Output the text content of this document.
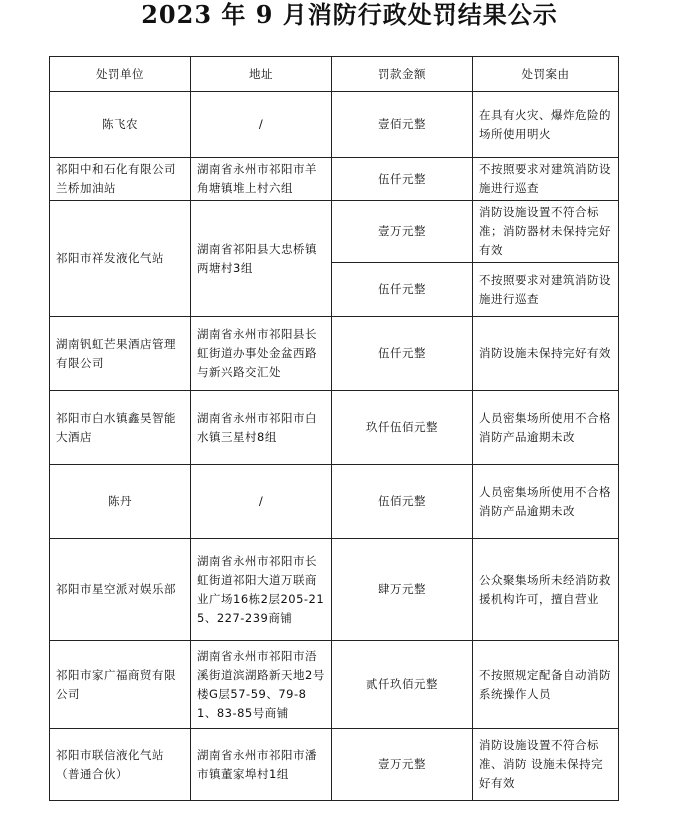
2023 年 9 月消防行政处罚结果公示
处罚单位	地址	罚款金额	处罚案由
陈飞农	/	壹佰元整	在具有火灾、爆炸危险的场所使用明火
祁阳中和石化有限公司兰桥加油站	湖南省永州市祁阳市羊角塘镇堆上村六组	伍仟元整	不按照要求对建筑消防设施进行巡查
祁阳市祥发液化气站	湖南省祁阳县大忠桥镇两塘村3组	壹万元整	消防设施设置不符合标准；消防器材未保持完好有效
		伍仟元整	不按照要求对建筑消防设施进行巡查
湖南钒虹芒果酒店管理有限公司	湖南省永州市祁阳县长虹街道办事处金盆西路与新兴路交汇处	伍仟元整	消防设施未保持完好有效
祁阳市白水镇鑫昊智能大酒店	湖南省永州市祁阳市白水镇三星村8组	玖仟伍佰元整	人员密集场所使用不合格消防产品逾期未改
陈丹	/	伍佰元整	人员密集场所使用不合格消防产品逾期未改
祁阳市星空派对娱乐部	湖南省永州市祁阳市长虹街道祁阳大道万联商业广场16栋2层205-215、227-239商铺	肆万元整	公众聚集场所未经消防救援机构许可，擅自营业
祁阳市家广福商贸有限公司	湖南省永州市祁阳市浯溪街道滨湖路新天地2号楼G层57-59、79-81、83-85号商铺	贰仟玖佰元整	不按照规定配备自动消防系统操作人员
祁阳市联信液化气站（普通合伙）	湖南省永州市祁阳市潘市镇董家埠村1组	壹万元整	消防设施设置不符合标准、消防 设施未保持完好有效
